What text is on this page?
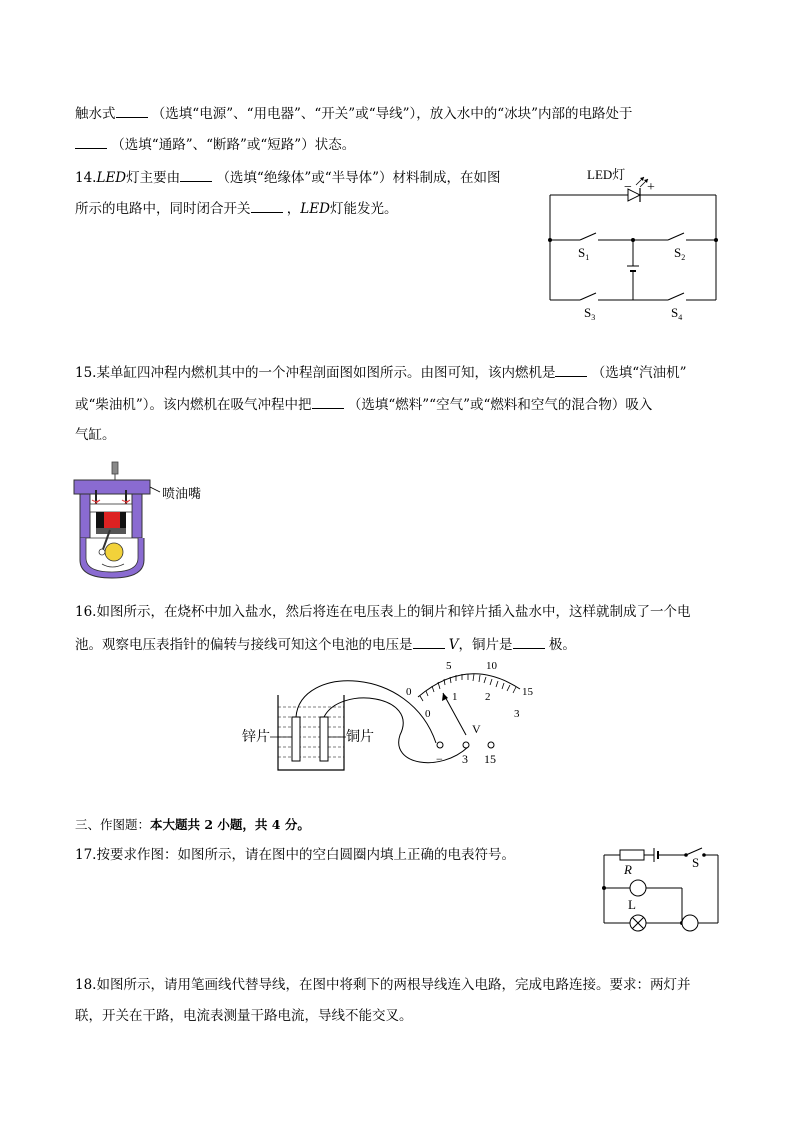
触水式	（选填“电源”、“用电器”、“开关”或“导线”），放入水中的“冰块”内部的电路处于
（选填“通路”、“断路”或“短路”）状态。
14.LED灯主要由	（选填“绝缘体”或“半导体”）材料制成，在如图
所示的电路中，同时闭合开关	，LED灯能发光。
LED灯
− +
$S_1$	$S_2$
$S_3$	$S_4$
15.某单缸四冲程内燃机其中的一个冲程剖面图如图所示。由图可知，该内燃机是	（选填“汽油机”
或“柴油机”）。该内燃机在吸气冲程中把	（选填“燃料”“空气”或“燃料和空气的混合物）吸入
气缸。
喷油嘴
16.如图所示，在烧杯中加入盐水，然后将连在电压表上的铜片和锌片插入盐水中，这样就制成了一个电
池。观察电压表指针的偏转与接线可知这个电池的电压是	V，铜片是	极。
锌片	铜片
0
5	10
15
0
1	2
3
V
− 3 15
三、作图题：本大题共 2 小题，共 4 分。
17.按要求作图：如图所示，请在图中的空白圆圈内填上正确的电表符号。
R	S
L
18.如图所示，请用笔画线代替导线，在图中将剩下的两根导线连入电路，完成电路连接。要求：两灯并
联，开关在干路，电流表测量干路电流，导线不能交叉。
